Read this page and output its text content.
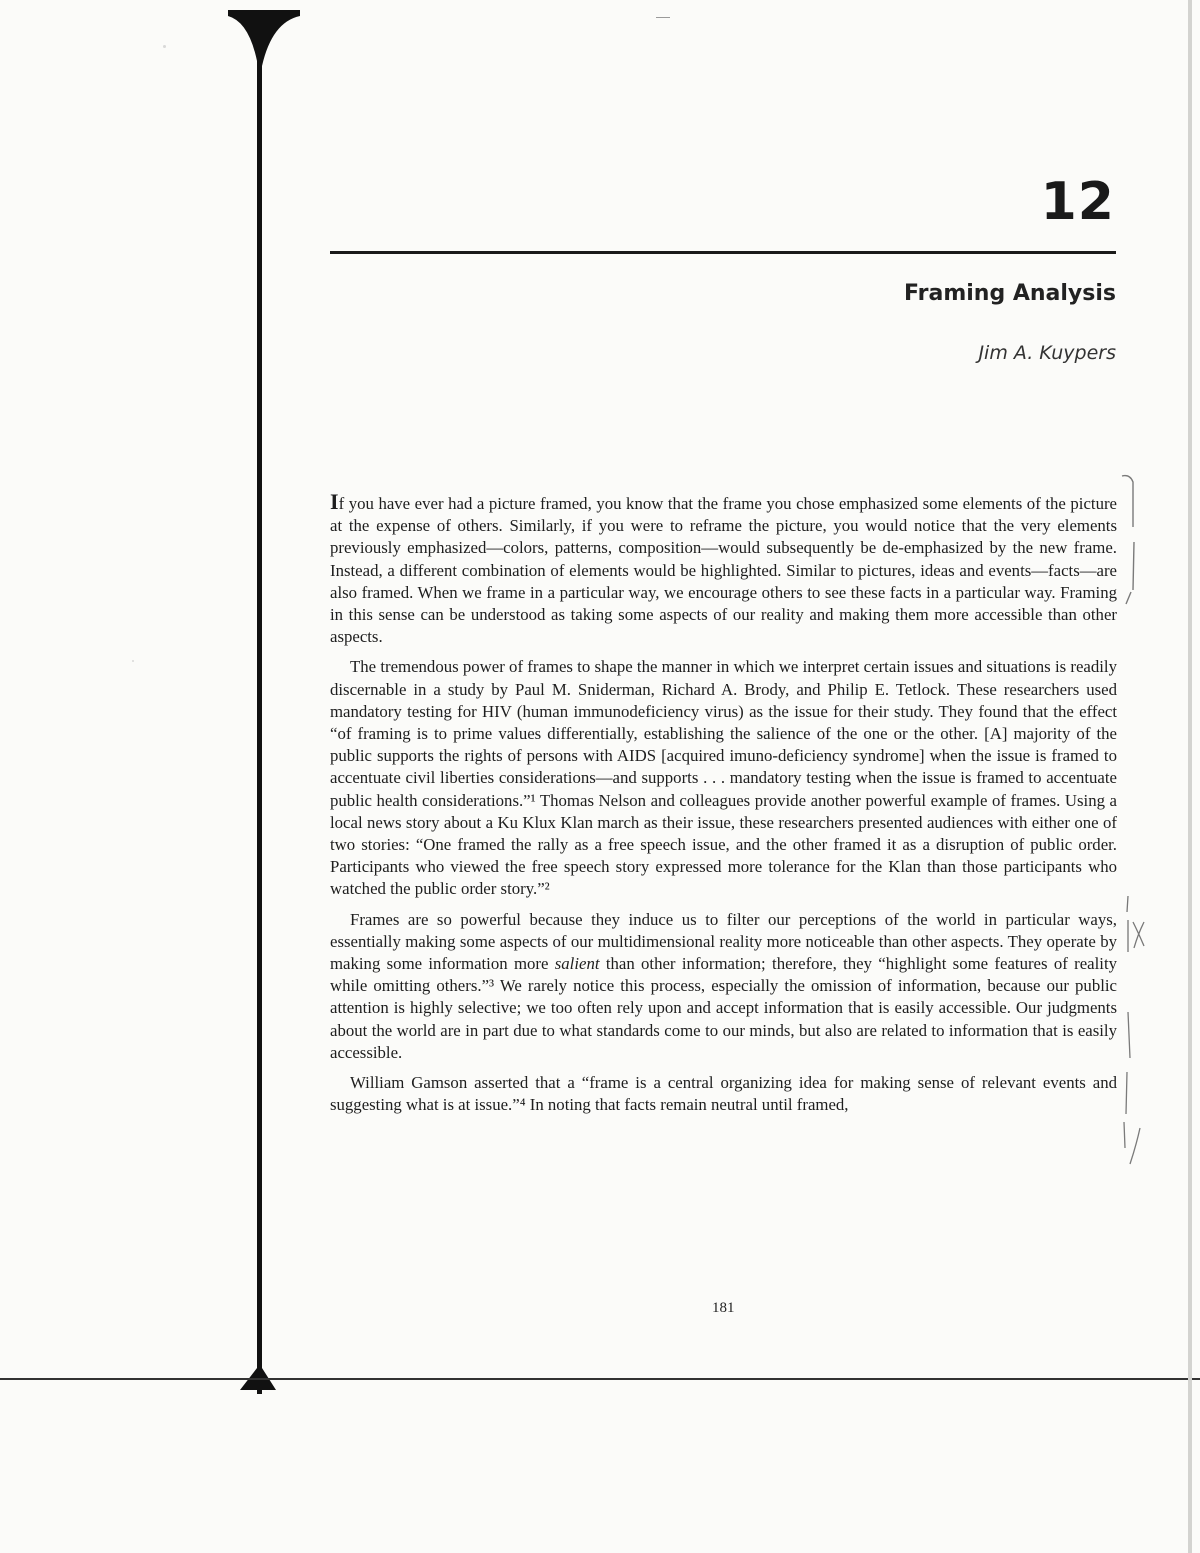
12
Framing Analysis
Jim A. Kuypers

If you have ever had a picture framed, you know that the frame you chose emphasized some elements of the picture at the expense of others. Similarly, if you were to reframe the picture, you would notice that the very elements previously emphasized—colors, patterns, composition—would subsequently be de-emphasized by the new frame. Instead, a different combination of elements would be highlighted. Similar to pictures, ideas and events—facts—are also framed. When we frame in a particular way, we encourage others to see these facts in a particular way. Framing in this sense can be understood as taking some aspects of our reality and making them more accessible than other aspects.

The tremendous power of frames to shape the manner in which we interpret certain issues and situations is readily discernable in a study by Paul M. Sniderman, Richard A. Brody, and Philip E. Tetlock. These researchers used mandatory testing for HIV (human immunodeficiency virus) as the issue for their study. They found that the effect “of framing is to prime values differentially, establishing the salience of the one or the other. [A] majority of the public supports the rights of persons with AIDS [acquired imuno-deficiency syndrome] when the issue is framed to accentuate civil liberties considerations—and supports . . . mandatory testing when the issue is framed to accentuate public health considerations.”¹ Thomas Nelson and colleagues provide another powerful example of frames. Using a local news story about a Ku Klux Klan march as their issue, these researchers presented audiences with either one of two stories: “One framed the rally as a free speech issue, and the other framed it as a disruption of public order. Participants who viewed the free speech story expressed more tolerance for the Klan than those participants who watched the public order story.”²

Frames are so powerful because they induce us to filter our perceptions of the world in particular ways, essentially making some aspects of our multidimensional reality more noticeable than other aspects. They operate by making some information more salient than other information; therefore, they “highlight some features of reality while omitting others.”³ We rarely notice this process, especially the omission of information, because our public attention is highly selective; we too often rely upon and accept information that is easily accessible. Our judgments about the world are in part due to what standards come to our minds, but also are related to information that is easily accessible.

William Gamson asserted that a “frame is a central organizing idea for making sense of relevant events and suggesting what is at issue.”⁴ In noting that facts remain neutral until framed,

181
